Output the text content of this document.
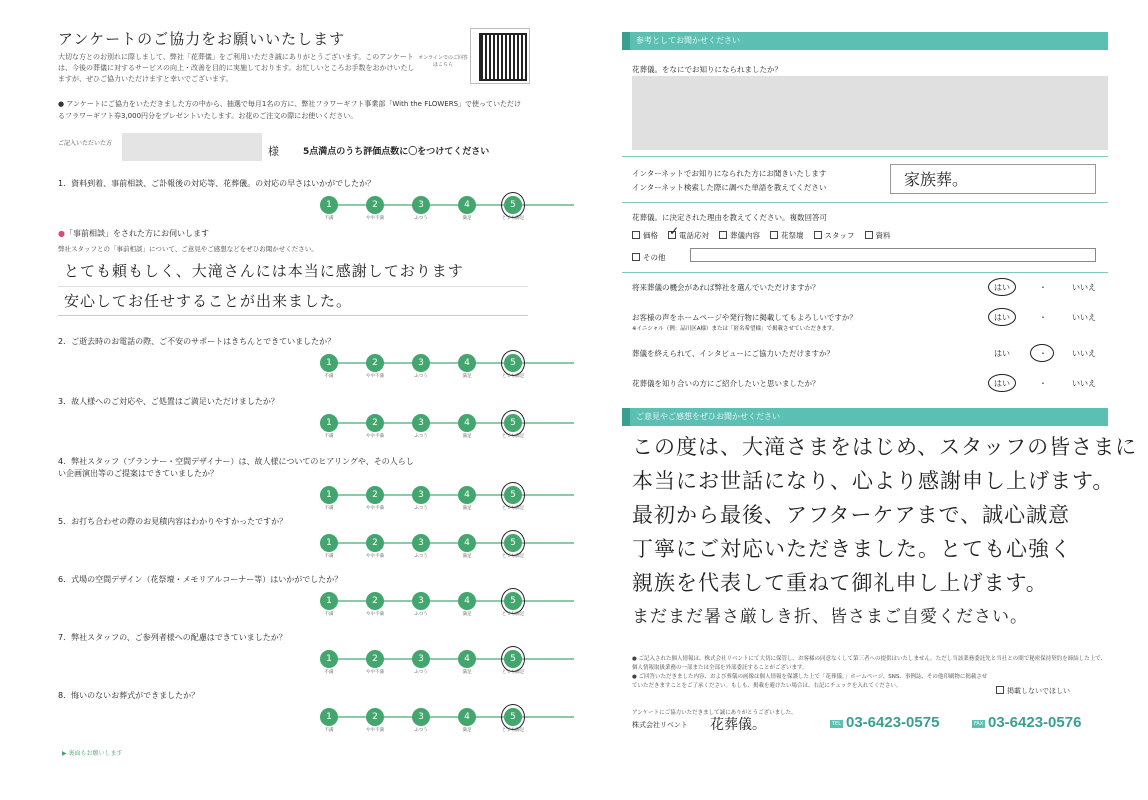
アンケートのご協力をお願いいたします
大切な方とのお別れに際しまして、弊社「花葬儀」をご利用いただき誠にありがとうございます。このアンケートは、今後の葬儀に対するサービスの向上・改善を目的に実施しております。お忙しいところお手数をおかけいたしますが、ぜひご協力いただけますと幸いでございます。
オンラインでのご回答はこちら
● アンケートにご協力をいただきました方の中から、抽選で毎月1名の方に、弊社フラワーギフト事業部「With the FLOWERS」で使っていただけるフラワーギフト券3,000円分をプレゼントいたします。お花のご注文の際にお使いください。
ご記入いただいた方
様	5点満点のうち評価点数に〇をつけてください
1．資料到着、事前相談、ご訃報後の対応等、花葬儀。の対応の早さはいかがでしたか？
1
不満
2
やや不満
3
ふつう
4
満足
5
とても満足
2．ご逝去時のお電話の際、ご不安のサポートはきちんとできていましたか？
1
不満
2
やや不満
3
ふつう
4
満足
5
とても満足
3．故人様へのご対応や、ご処置はご満足いただけましたか？
1
不満
2
やや不満
3
ふつう
4
満足
5
とても満足
4．弊社スタッフ（プランナー・空間デザイナー）は、故人様についてのヒアリングや、その人らしい企画演出等のご提案はできていましたか？
1
不満
2
やや不満
3
ふつう
4
満足
5
とても満足
5．お打ち合わせの際のお見積内容はわかりやすかったですか？
1
不満
2
やや不満
3
ふつう
4
満足
5
とても満足
6．式場の空間デザイン（花祭壇・メモリアルコーナー等）はいかがでしたか？
1
不満
2
やや不満
3
ふつう
4
満足
5
とても満足
7．弊社スタッフの、ご参列者様への配慮はできていましたか？
1
不満
2
やや不満
3
ふつう
4
満足
5
とても満足
8．悔いのないお葬式ができましたか？
1
不満
2
やや不満
3
ふつう
4
満足
5
とても満足
●「事前相談」をされた方にお伺いします
弊社スタッフとの「事前相談」について、ご意見やご感想などをぜひお聞かせください。
とても頼もしく、大滝さんには本当に感謝しております
安心してお任せすることが出来ました。
▶ 裏面もお願いします
参考としてお聞かせください
花葬儀。をなにでお知りになられましたか？
インターネットでお知りになられた方にお聞きいたします
インターネット検索した際に調べた単語を教えてください	家族葬。
花葬儀。に決定された理由を教えてください。複数回答可
価格✓	電話応対	葬儀内容	花祭壇	スタッフ	資料
その他
将来葬儀の機会があれば弊社を選んでいただけますか？	はい	・	いいえ
お客様の声をホームページや発行物に掲載してもよろしいですか？
※イニシャル（例：品川区A様）または「匿名希望様」で掲載させていただきます。
はい	・	いいえ
葬儀を終えられて、インタビューにご協力いただけますか？	はい	・	いいえ
花葬儀を知り合いの方にご紹介したいと思いましたか？	はい	・	いいえ
ご意見やご感想をぜひお聞かせください
この度は、大滝さまをはじめ、スタッフの皆さまに
本当にお世話になり、心より感謝申し上げます。
最初から最後、アフターケアまで、誠心誠意
丁寧にご対応いただきました。とても心強く
親族を代表して重ねて御礼申し上げます。
まだまだ暑さ厳しき折、皆さまご自愛ください。
● ご記入された個人情報は、株式会社リベントにて大切に保管し、お客様の同意なくして第三者への提供はいたしません。ただし当該業務委託先と当社との間で秘密保持契約を締結した上で、個人情報取扱業務の一部または全部を外部委託することがございます。
● ご回答いただきました内容、および葬儀の画像は個人情報を保護した上で「花葬儀。」ホームページ、SNS、事例誌、その他印刷物に掲載させていただきますことをご了承ください。もしも、掲載を避けたい場合は、右記にチェックを入れてください。
掲載しないでほしい
アンケートにご協力いただきまして誠にありがとうございました。
株式会社リベント 花葬儀。	TEL 03-6423-0575	FAX 03-6423-0576
